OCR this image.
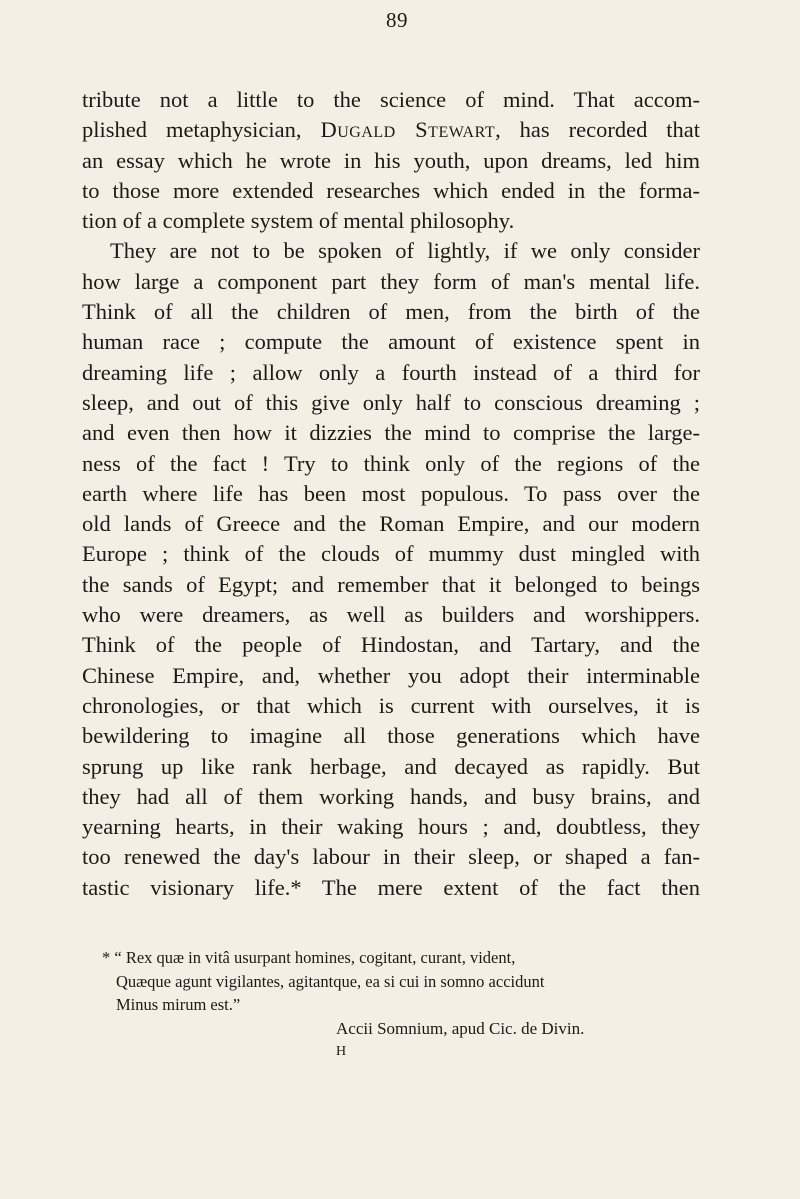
89
tribute not a little to the science of mind. That accom-
plished metaphysician, Dugald Stewart, has recorded that
an essay which he wrote in his youth, upon dreams, led him
to those more extended researches which ended in the forma-
tion of a complete system of mental philosophy.
They are not to be spoken of lightly, if we only consider
how large a component part they form of man's mental life.
Think of all the children of men, from the birth of the
human race ; compute the amount of existence spent in
dreaming life ; allow only a fourth instead of a third for
sleep, and out of this give only half to conscious dreaming ;
and even then how it dizzies the mind to comprise the large-
ness of the fact ! Try to think only of the regions of the
earth where life has been most populous. To pass over the
old lands of Greece and the Roman Empire, and our modern
Europe ; think of the clouds of mummy dust mingled with
the sands of Egypt; and remember that it belonged to beings
who were dreamers, as well as builders and worshippers.
Think of the people of Hindostan, and Tartary, and the
Chinese Empire, and, whether you adopt their interminable
chronologies, or that which is current with ourselves, it is
bewildering to imagine all those generations which have
sprung up like rank herbage, and decayed as rapidly. But
they had all of them working hands, and busy brains, and
yearning hearts, in their waking hours ; and, doubtless, they
too renewed the day's labour in their sleep, or shaped a fan-
tastic visionary life.* The mere extent of the fact then
* “ Rex quæ in vitâ usurpant homines, cogitant, curant, vident,
Quæque agunt vigilantes, agitantque, ea si cui in somno accidunt
Minus mirum est.”
Accii Somnium, apud Cic. de Divin.
H
